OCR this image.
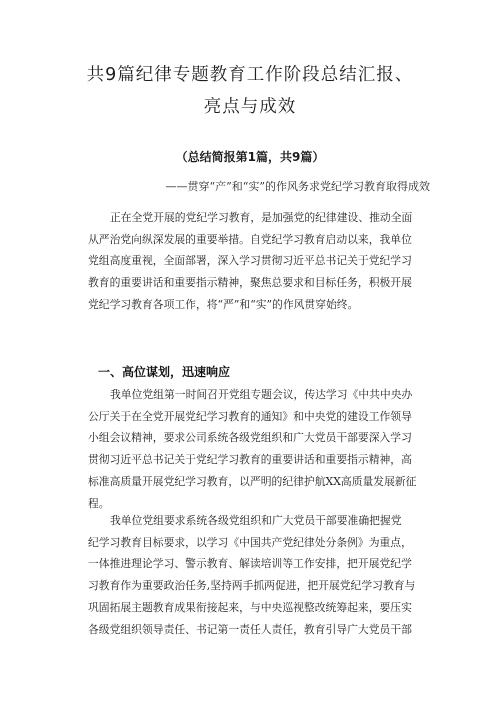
共9篇纪律专题教育工作阶段总结汇报、
亮点与成效
（总结简报第1篇，共9篇）
——贯穿“产”和“实”的作风务求党纪学习教育取得成效

正在全党开展的党纪学习教育，是加强党的纪律建设、推动全面
从严治党向纵深发展的重要举措。自党纪学习教育启动以来，我单位
党组高度重视，全面部署，深入学习贯彻习近平总书记关于党纪学习
教育的重要讲话和重要指示精神，聚焦总要求和目标任务，积极开展
党纪学习教育各项工作，将“严”和“实”的作风贯穿始终。

一、高位谋划，迅速响应

我单位党组第一时间召开党组专题会议，传达学习《中共中央办
公厅关于在全党开展党纪学习教育的通知》和中央党的建设工作领导
小组会议精神，要求公司系统各级党组织和广大党员干部要深入学习
贯彻习近平总书记关于党纪学习教育的重要讲话和重要指示精神，高
标准高质量开展党纪学习教育，以严明的纪律护航XX高质量发展新征
程。

我单位党组要求系统各级党组织和广大党员干部要准确把握党
纪学习教育目标要求，以学习《中国共产党纪律处分条例》为重点，
一体推进理论学习、警示教育、解读培训等工作安排，把开展党纪学
习教育作为重要政治任务,坚持两手抓两促进，把开展党纪学习教育与
巩固拓展主题教育成果衔接起来，与中央巡视整改统筹起来，要压实
各级党组织领导责任、书记第一责任人责任，教育引导广大党员干部
